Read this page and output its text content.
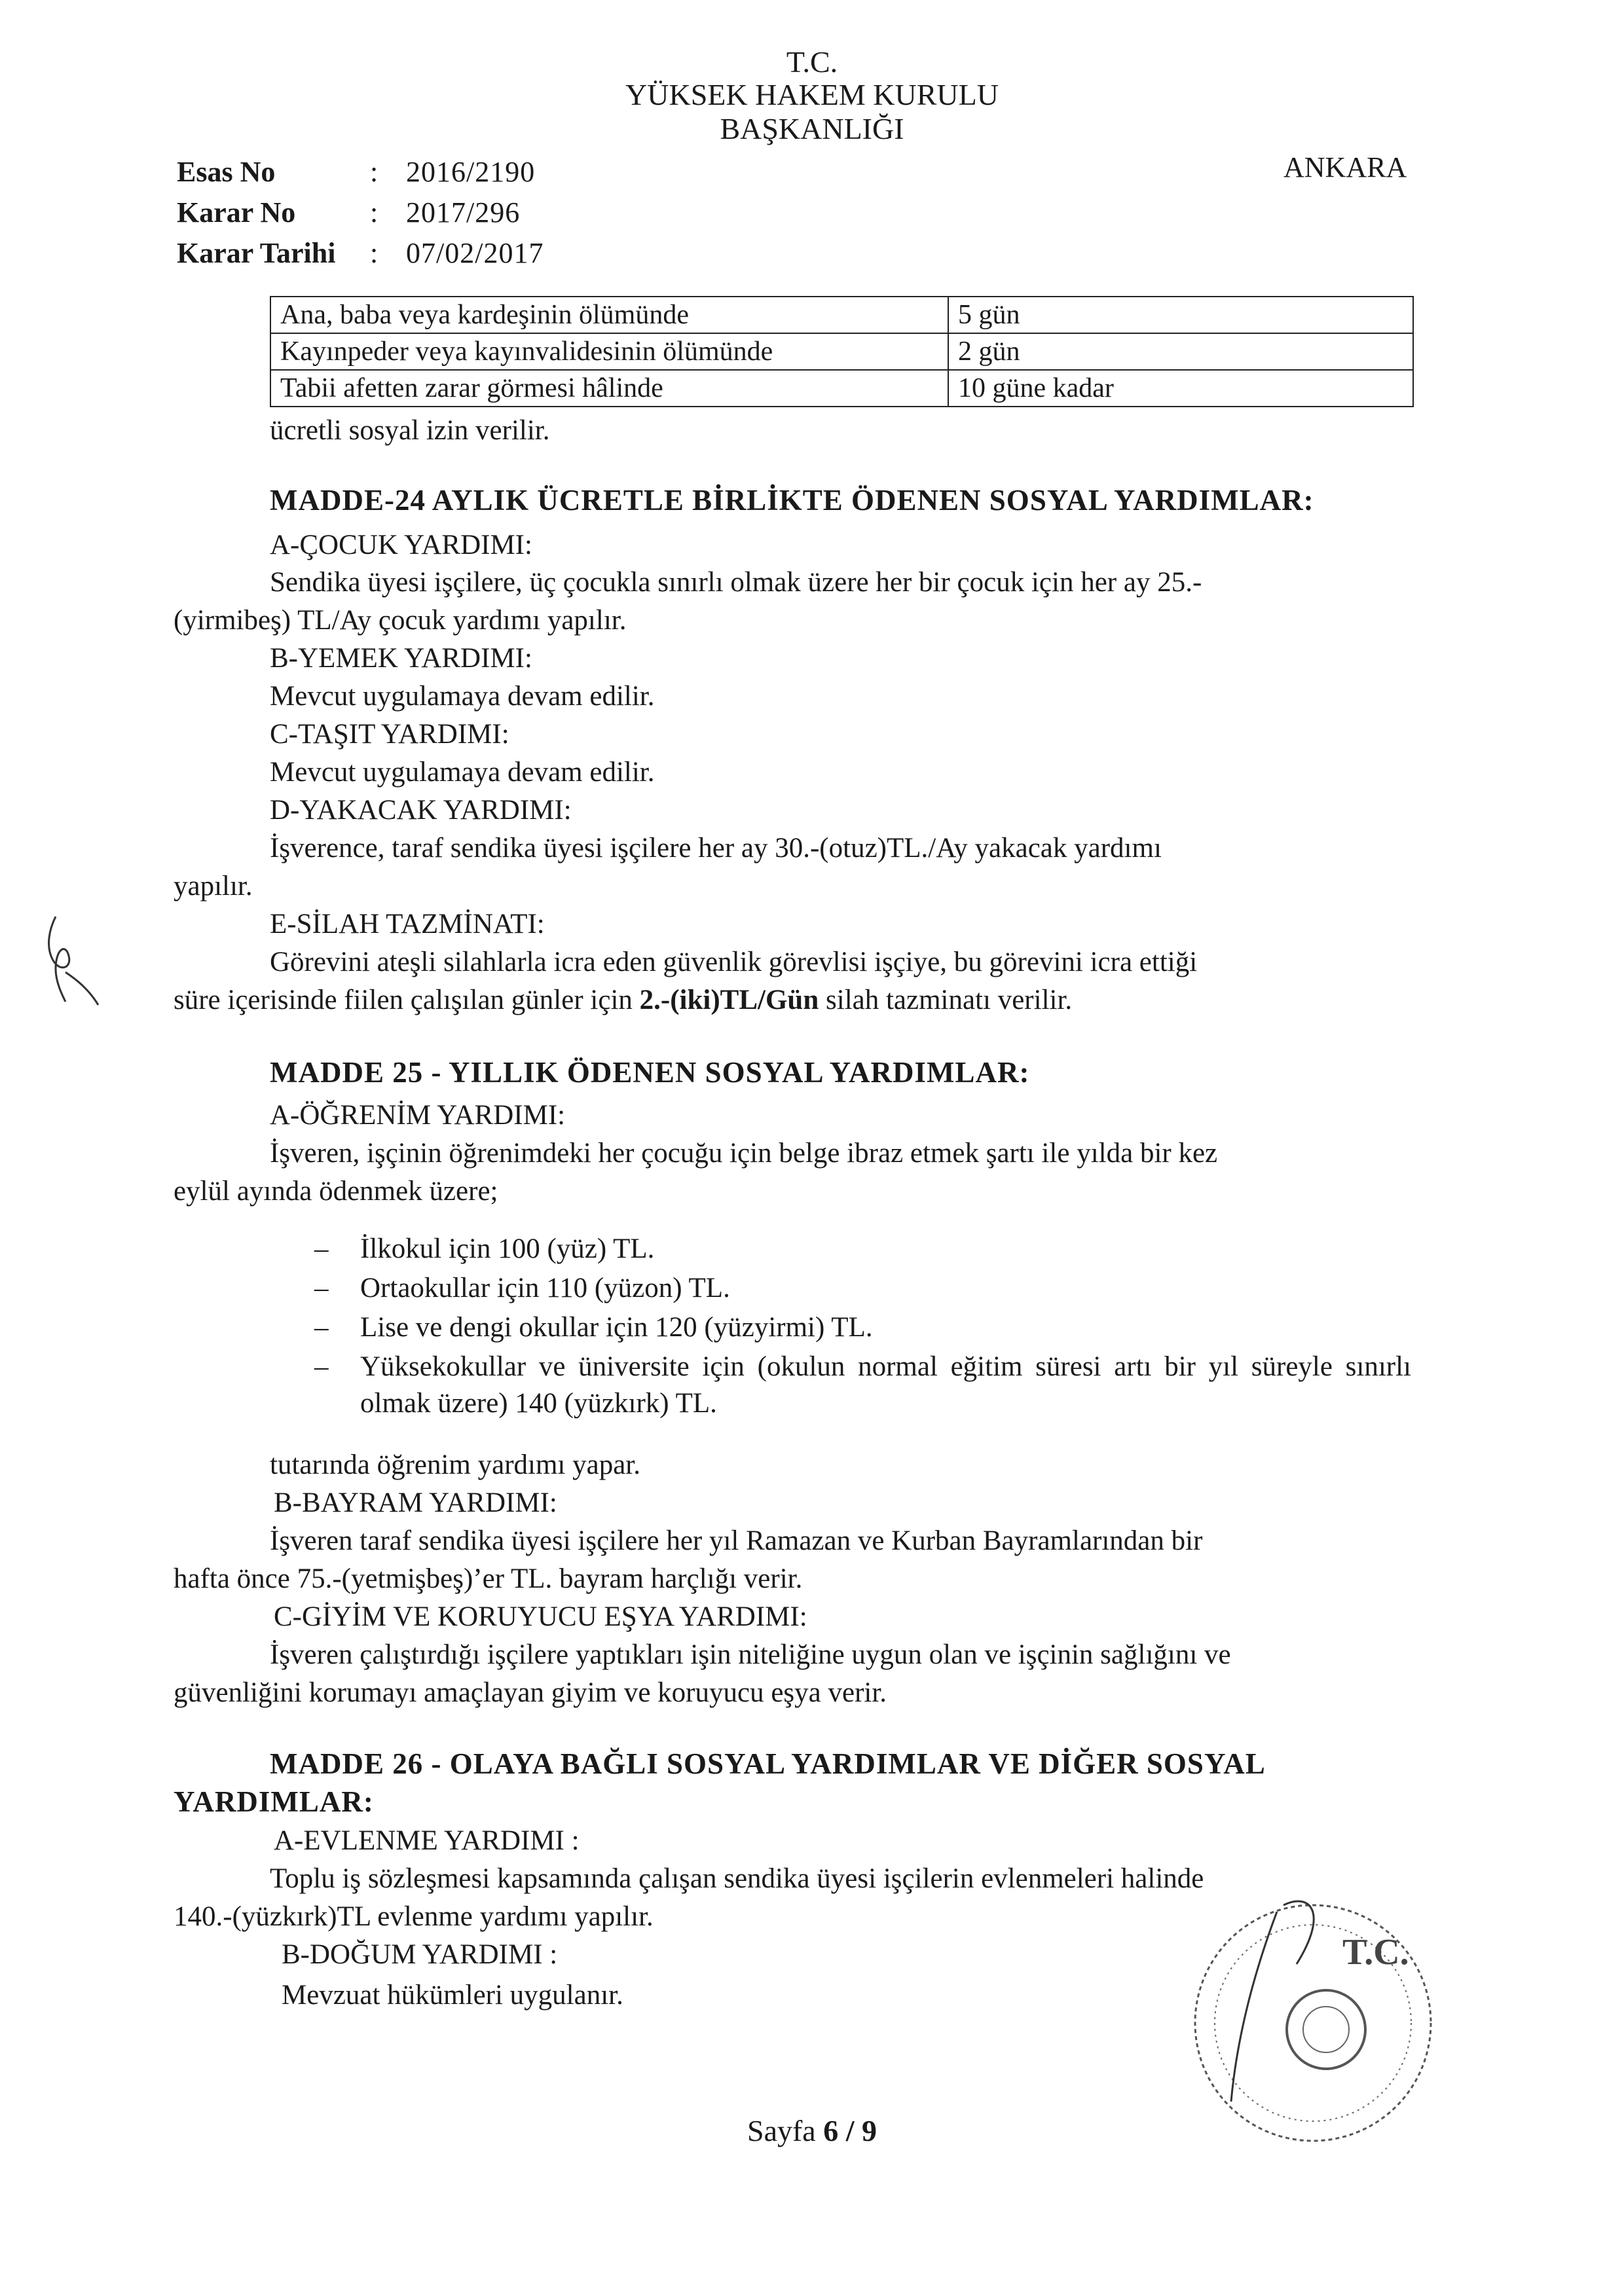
T.C.
YÜKSEK HAKEM KURULU
BAŞKANLIĞI
ANKARA
Esas No	: 2016/2190
Karar No	: 2017/296
Karar Tarihi	: 07/02/2017
Ana, baba veya kardeşinin ölümünde	5 gün
Kayınpeder veya kayınvalidesinin ölümünde	2 gün
Tabii afetten zarar görmesi hâlinde	10 güne kadar
ücretli sosyal izin verilir.
MADDE-24 AYLIK ÜCRETLE BİRLİKTE ÖDENEN SOSYAL YARDIMLAR:
A-ÇOCUK YARDIMI:
Sendika üyesi işçilere, üç çocukla sınırlı olmak üzere her bir çocuk için her ay 25.-
(yirmibeş) TL/Ay çocuk yardımı yapılır.
B-YEMEK YARDIMI:
Mevcut uygulamaya devam edilir.
C-TAŞIT YARDIMI:
Mevcut uygulamaya devam edilir.
D-YAKACAK YARDIMI:
İşverence, taraf sendika üyesi işçilere her ay 30.-(otuz)TL./Ay yakacak yardımı
yapılır.
E-SİLAH TAZMİNATI:
Görevini ateşli silahlarla icra eden güvenlik görevlisi işçiye, bu görevini icra ettiği
süre içerisinde fiilen çalışılan günler için 2.-(iki)TL/Gün silah tazminatı verilir.
MADDE 25 - YILLIK ÖDENEN SOSYAL YARDIMLAR:
A-ÖĞRENİM YARDIMI:
İşveren, işçinin öğrenimdeki her çocuğu için belge ibraz etmek şartı ile yılda bir kez
eylül ayında ödenmek üzere;
– İlkokul için 100 (yüz) TL.
– Ortaokullar için 110 (yüzon) TL.
– Lise ve dengi okullar için 120 (yüzyirmi) TL.
– Yüksekokullar ve üniversite için (okulun normal eğitim süresi artı bir yıl süreyle sınırlı olmak üzere) 140 (yüzkırk) TL.
tutarında öğrenim yardımı yapar.
B-BAYRAM YARDIMI:
İşveren taraf sendika üyesi işçilere her yıl Ramazan ve Kurban Bayramlarından bir
hafta önce 75.-(yetmişbeş)’er TL. bayram harçlığı verir.
C-GİYİM VE KORUYUCU EŞYA YARDIMI:
İşveren çalıştırdığı işçilere yaptıkları işin niteliğine uygun olan ve işçinin sağlığını ve
güvenliğini korumayı amaçlayan giyim ve koruyucu eşya verir.
MADDE 26 - OLAYA BAĞLI SOSYAL YARDIMLAR VE DİĞER SOSYAL
YARDIMLAR:
A-EVLENME YARDIMI :
Toplu iş sözleşmesi kapsamında çalışan sendika üyesi işçilerin evlenmeleri halinde
140.-(yüzkırk)TL evlenme yardımı yapılır.
B-DOĞUM YARDIMI :
Mevzuat hükümleri uygulanır.
T.C.
Sayfa 6 / 9
